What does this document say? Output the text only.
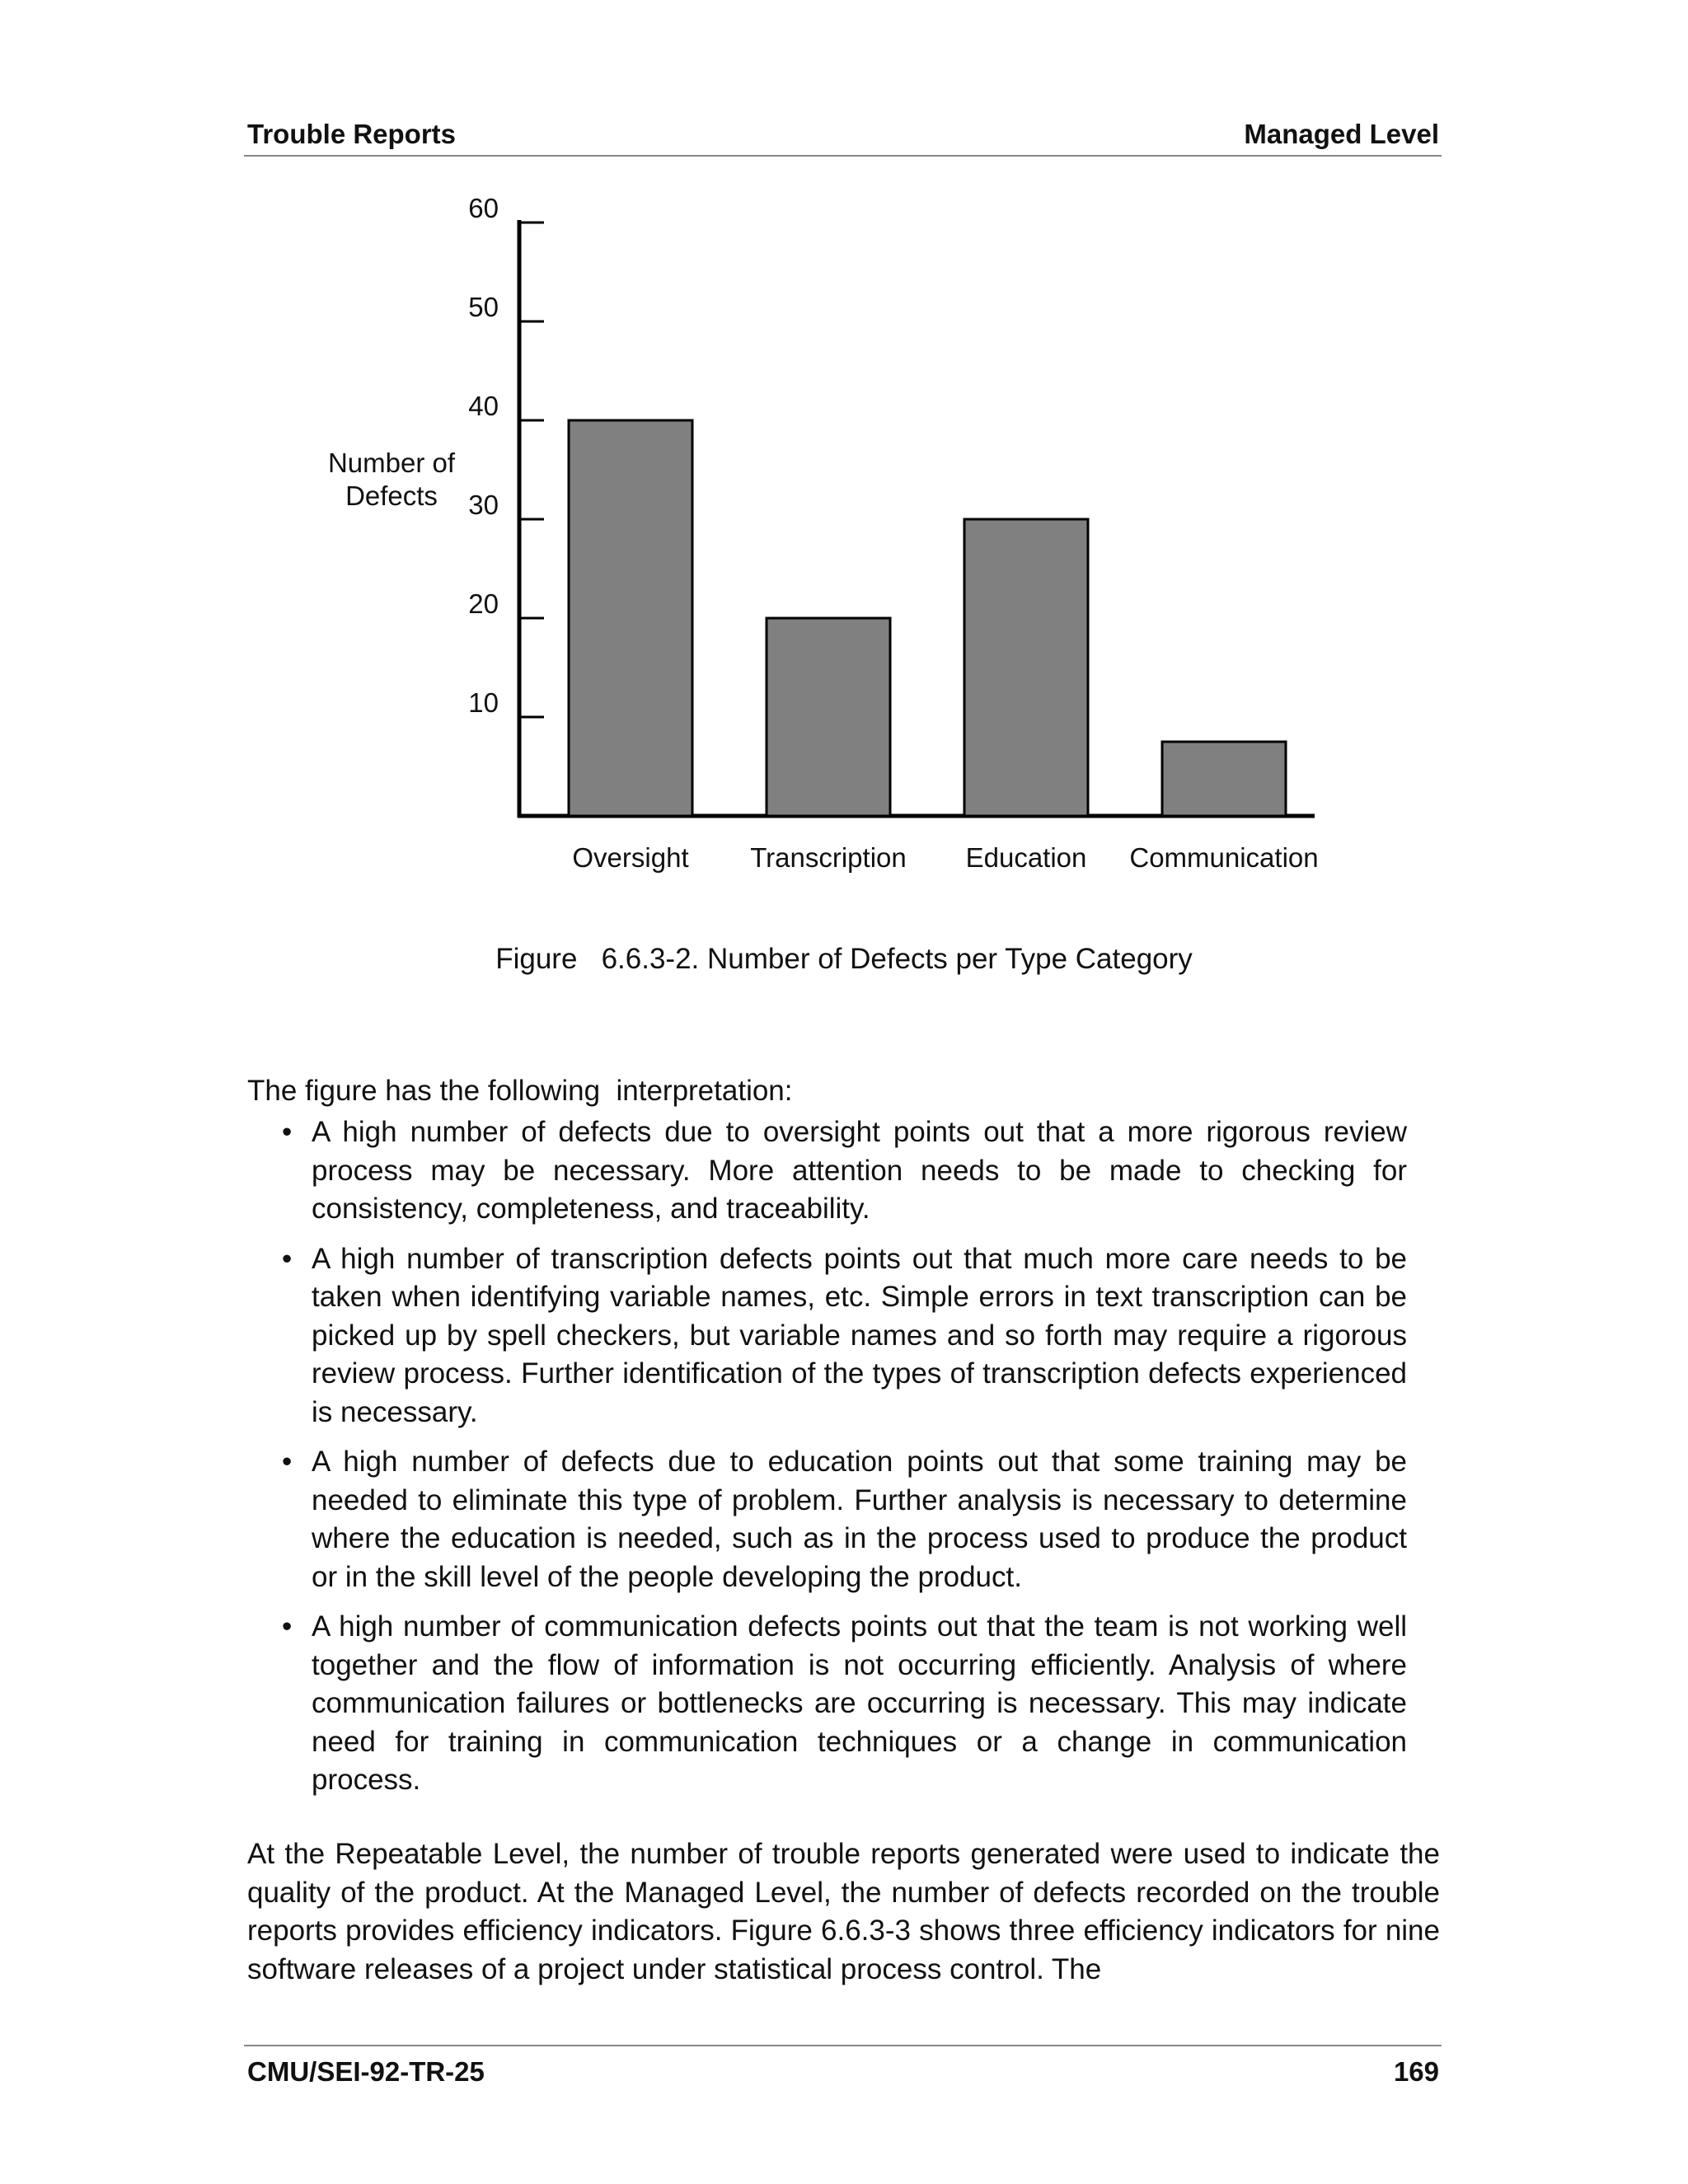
Trouble Reports	Managed Level
10
20
30
40
50
60
Number of
Defects
Oversight Transcription Education Communication
Figure   6.6.3-2. Number of Defects per Type Category
The figure has the following  interpretation:
• A high number of defects due to oversight points out that a more rigorous review process may be necessary. More attention needs to be made to checking for consistency, completeness, and traceability.
• A high number of transcription defects points out that much more care needs to be taken when identifying variable names, etc. Simple errors in text transcription can be picked up by spell checkers, but variable names and so forth may require a rigorous review process. Further identification of the types of transcription defects experienced is necessary.
• A high number of defects due to education points out that some training may be needed to eliminate this type of problem. Further analysis is necessary to determine where the education is needed, such as in the process used to produce the product or in the skill level of the people developing the product.
• A high number of communication defects points out that the team is not working well together and the flow of information is not occurring efficiently. Analysis of where communication failures or bottlenecks are occurring is necessary. This may indicate need for training in communication techniques or a change in communication process.

At the Repeatable Level, the number of trouble reports generated were used to indicate the quality of the product. At the Managed Level, the number of defects recorded on the trouble reports provides efficiency indicators. Figure 6.6.3-3 shows three efficiency indicators for nine software releases of a project under statistical process control. The

CMU/SEI-92-TR-25	169
